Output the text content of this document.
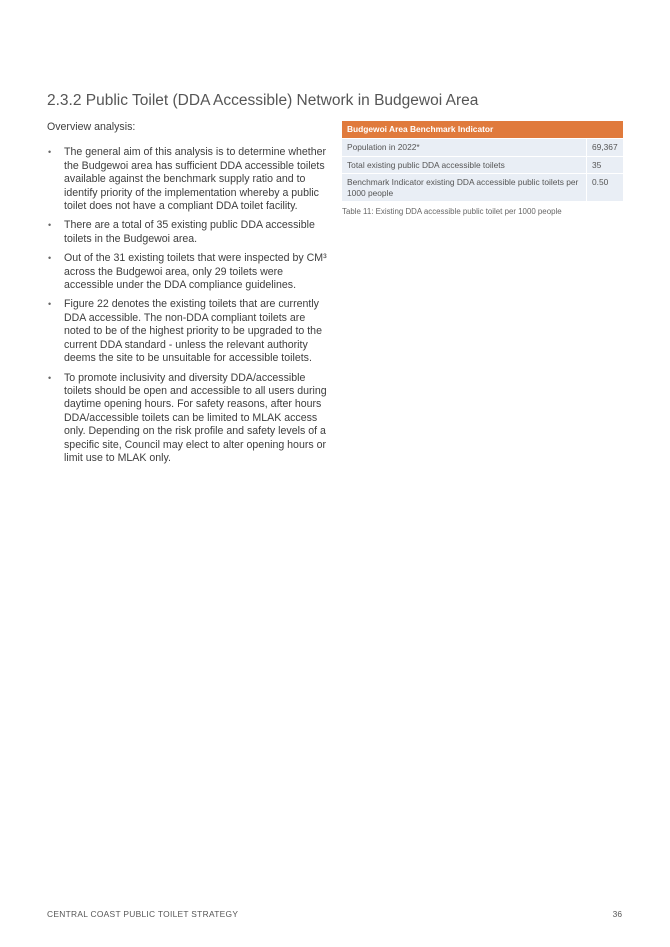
2.3.2 Public Toilet (DDA Accessible) Network in Budgewoi Area

Overview analysis:

• The general aim of this analysis is to determine whether the Budgewoi area has sufficient DDA accessible toilets available against the benchmark supply ratio and to identify priority of the implementation whereby a public toilet does not have a compliant DDA toilet facility.
• There are a total of 35 existing public DDA accessible toilets in the Budgewoi area.
• Out of the 31 existing toilets that were inspected by CM³ across the Budgewoi area, only 29 toilets were accessible under the DDA compliance guidelines.
• Figure 22 denotes the existing toilets that are currently DDA accessible. The non-DDA compliant toilets are noted to be of the highest priority to be upgraded to the current DDA standard - unless the relevant authority deems the site to be unsuitable for accessible toilets.
• To promote inclusivity and diversity DDA/accessible toilets should be open and accessible to all users during daytime opening hours. For safety reasons, after hours DDA/accessible toilets can be limited to MLAK access only. Depending on the risk profile and safety levels of a specific site, Council may elect to alter opening hours or limit use to MLAK only.
Budgewoi Area Benchmark Indicator	
Population in 2022*	69,367
Total existing public DDA accessible toilets	35
Benchmark Indicator existing DDA accessible public toilets per 1000 people	0.50
Table 11: Existing DDA accessible public toilet per 1000 people
CENTRAL COAST PUBLIC TOILET STRATEGY	36
